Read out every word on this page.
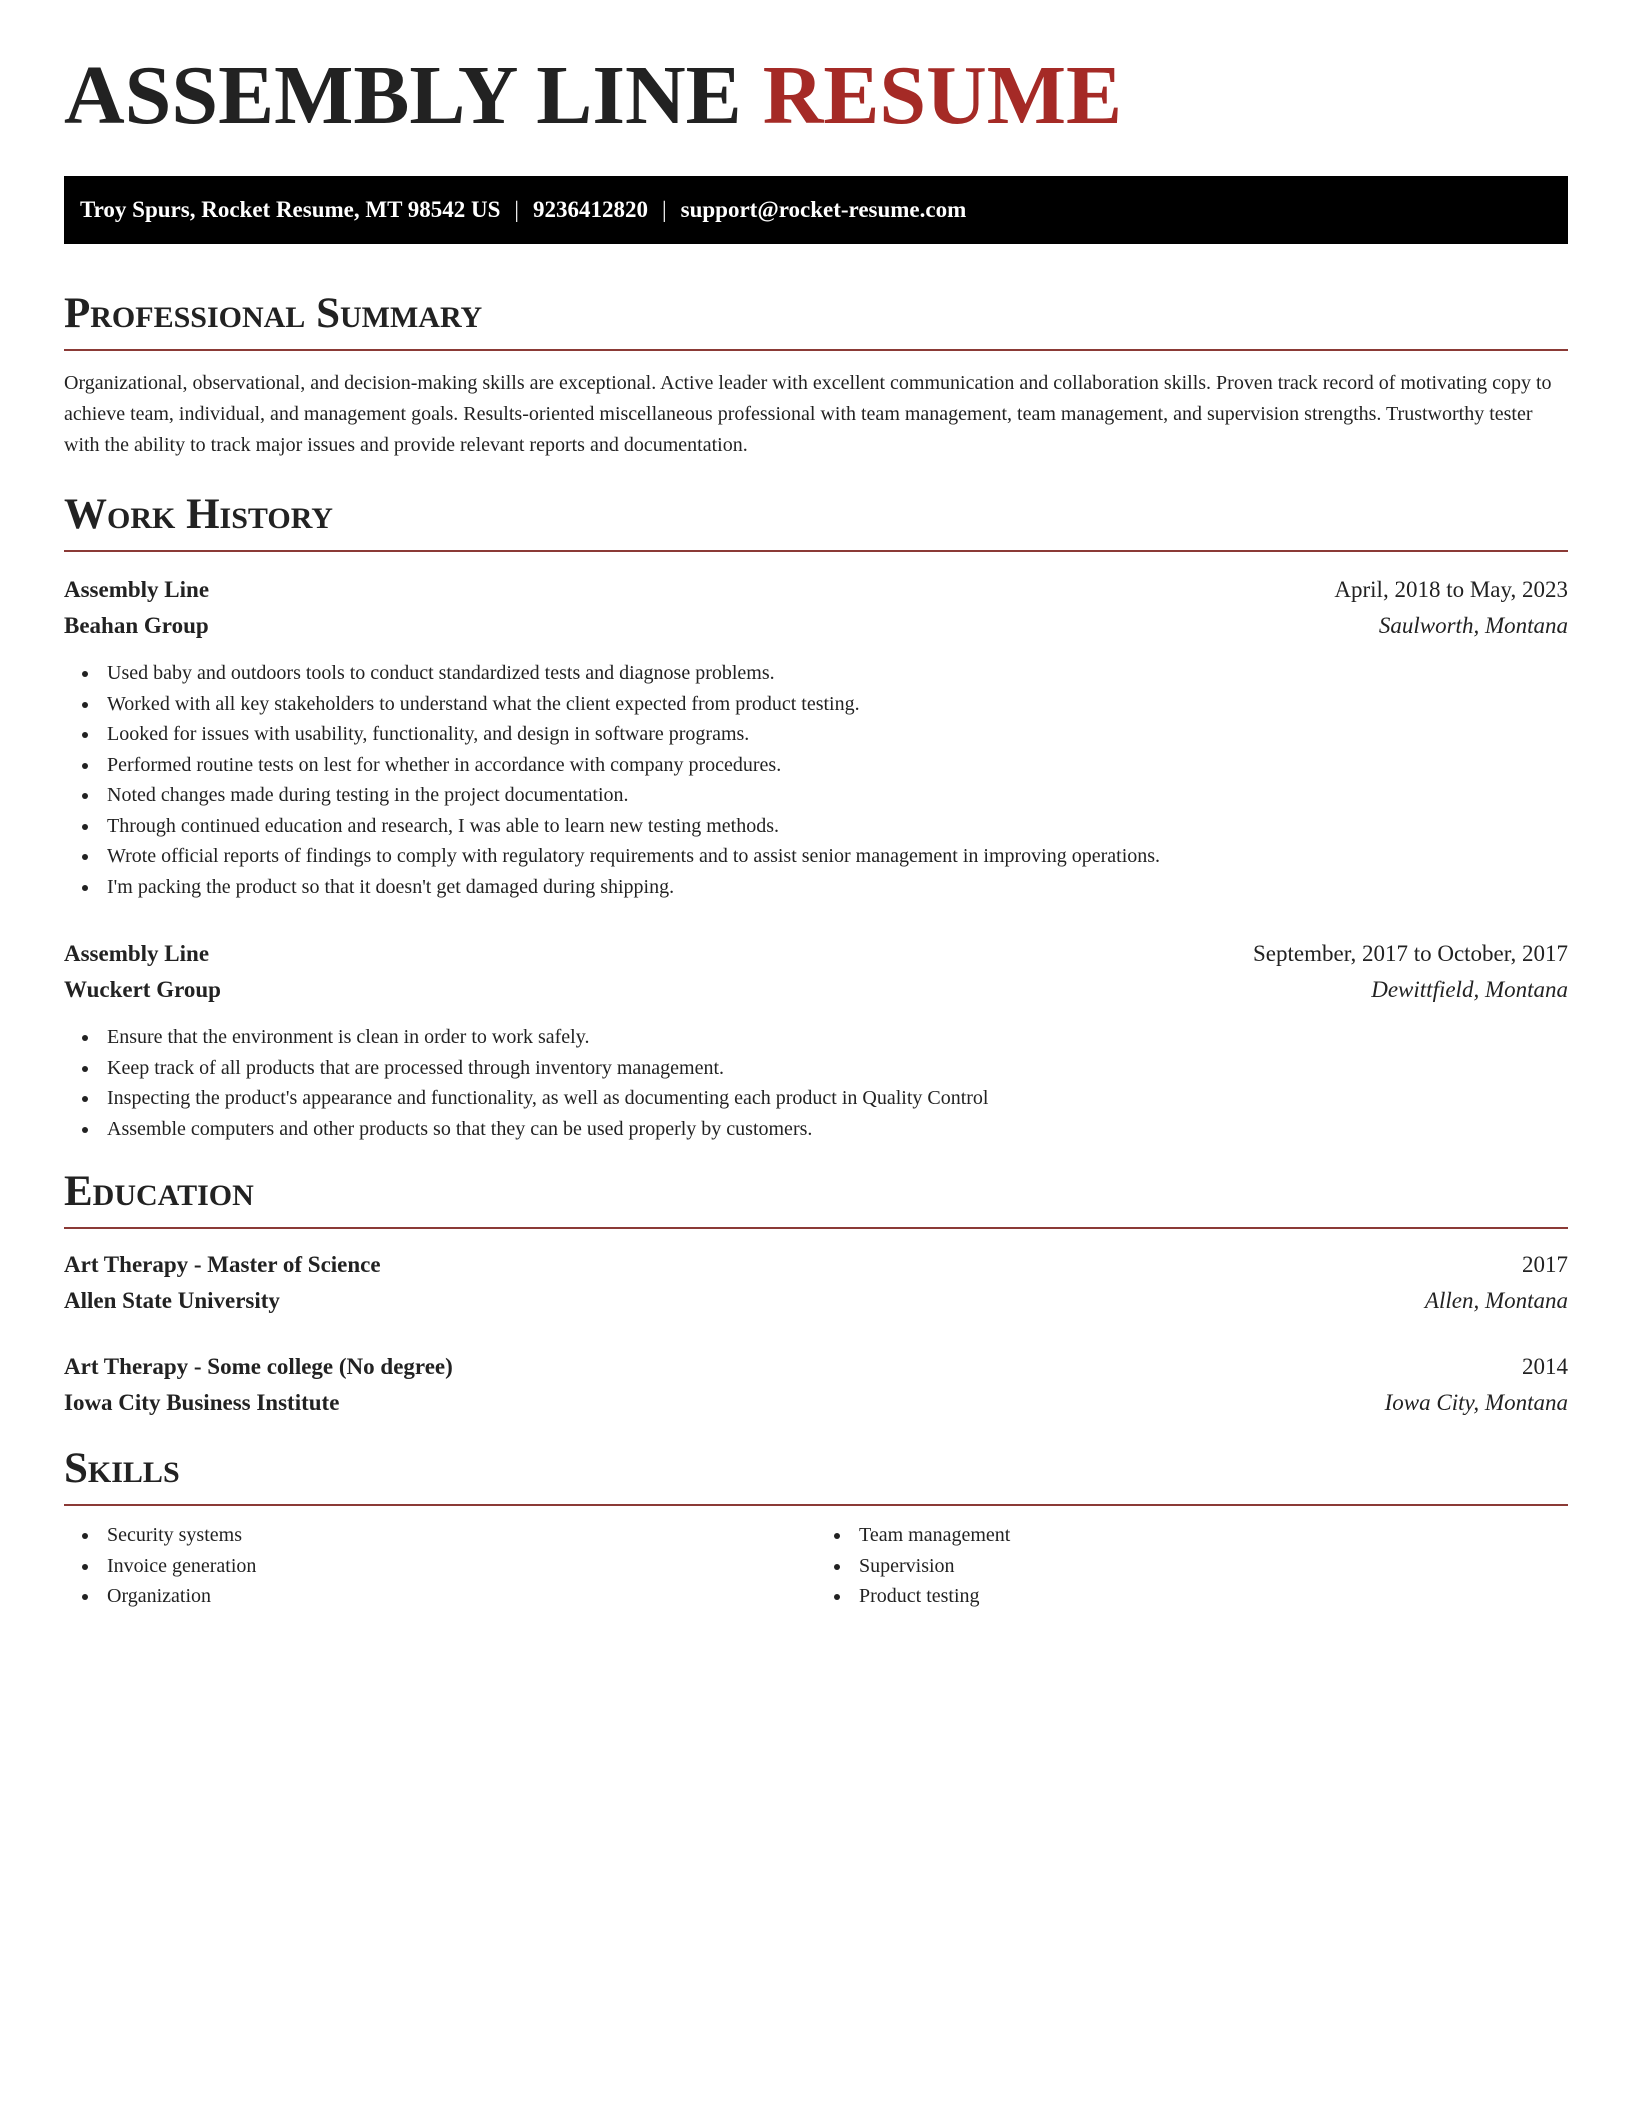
ASSEMBLY LINE RESUME
Troy Spurs, Rocket Resume, MT 98542 US | 9236412820 | support@rocket-resume.com
Professional Summary

Organizational, observational, and decision-making skills are exceptional. Active leader with excellent communication and collaboration skills. Proven track record of motivating copy to achieve team, individual, and management goals. Results-oriented miscellaneous professional with team management, team management, and supervision strengths. Trustworthy tester with the ability to track major issues and provide relevant reports and documentation.

Work History
Assembly Line	April, 2018 to May, 2023
Beahan Group	Saulworth, Montana
Used baby and outdoors tools to conduct standardized tests and diagnose problems.
Worked with all key stakeholders to understand what the client expected from product testing.
Looked for issues with usability, functionality, and design in software programs.
Performed routine tests on lest for whether in accordance with company procedures.
Noted changes made during testing in the project documentation.
Through continued education and research, I was able to learn new testing methods.
Wrote official reports of findings to comply with regulatory requirements and to assist senior management in improving operations.
I'm packing the product so that it doesn't get damaged during shipping.
Assembly Line	September, 2017 to October, 2017
Wuckert Group	Dewittfield, Montana
Ensure that the environment is clean in order to work safely.
Keep track of all products that are processed through inventory management.
Inspecting the product's appearance and functionality, as well as documenting each product in Quality Control
Assemble computers and other products so that they can be used properly by customers.
Education
Art Therapy - Master of Science	2017
Allen State University	Allen, Montana
Art Therapy - Some college (No degree)	2014
Iowa City Business Institute	Iowa City, Montana
Skills
Security systems
Invoice generation
Organization
Team management
Supervision
Product testing
